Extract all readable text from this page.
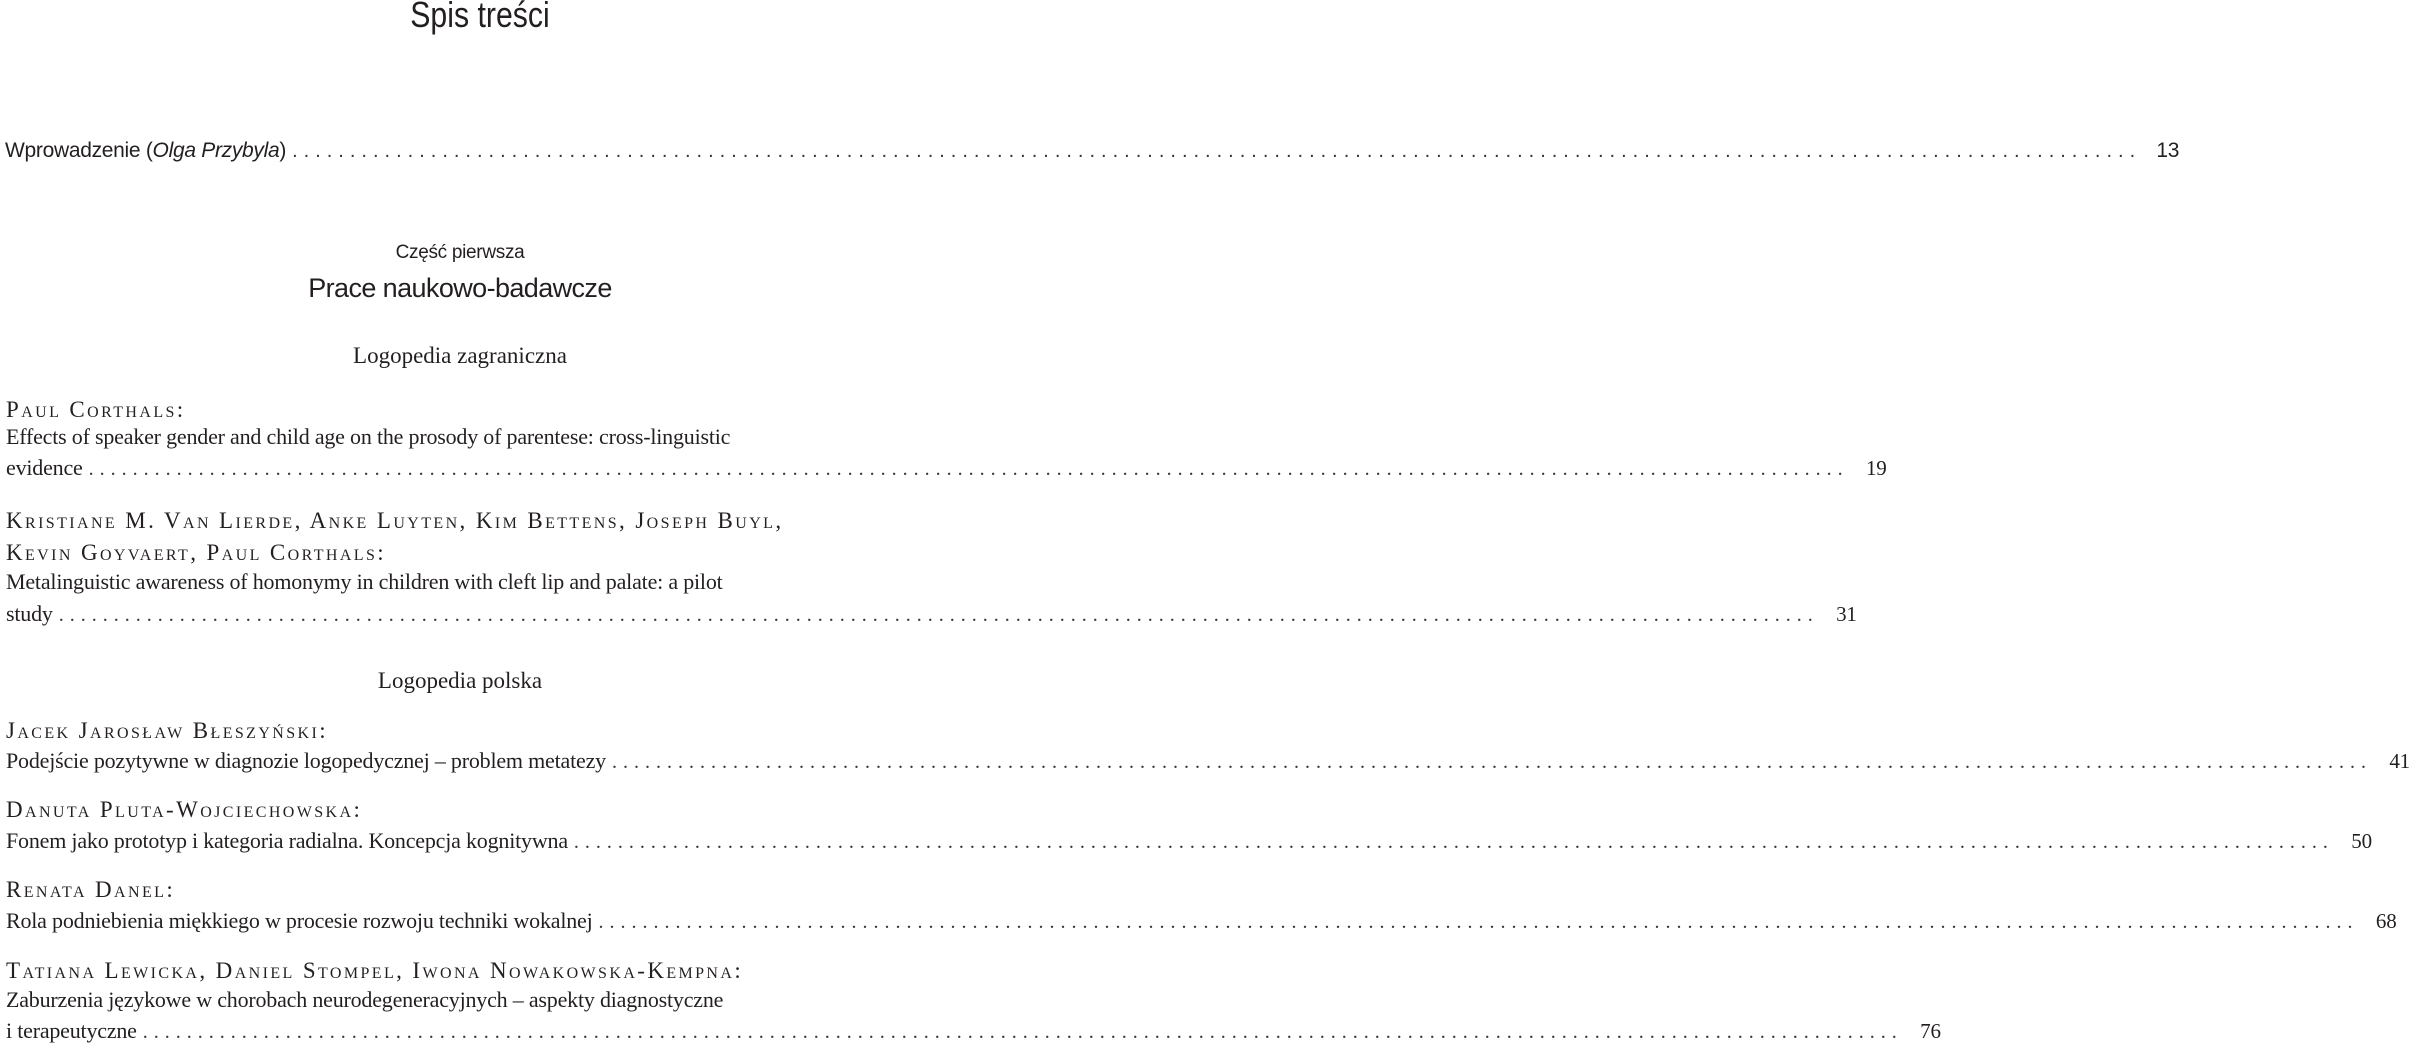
Spis treści
Wprowadzenie (Olga Przybyla) ................................................................................................................................................................ 13
Część pierwsza
Prace naukowo-badawcze
Logopedia zagraniczna
Paul Corthals:
Effects of speaker gender and child age on the prosody of parentese: cross-linguistic
evidence ................................................................................................................................................................ 19
Kristiane M. Van Lierde, Anke Luyten, Kim Bettens, Joseph Buyl,
Kevin Goyvaert, Paul Corthals:
Metalinguistic awareness of homonymy in children with cleft lip and palate: a pilot
study ................................................................................................................................................................ 31
Logopedia polska
Jacek Jarosław Błeszyński:
Podejście pozytywne w diagnozie logopedycznej – problem metatezy ................................................................................................................................................................ 41
Danuta Pluta-Wojciechowska:
Fonem jako prototyp i kategoria radialna. Koncepcja kognitywna ................................................................................................................................................................ 50
Renata Danel:
Rola podniebienia miękkiego w procesie rozwoju techniki wokalnej ................................................................................................................................................................ 68
Tatiana Lewicka, Daniel Stompel, Iwona Nowakowska-Kempna:
Zaburzenia językowe w chorobach neurodegeneracyjnych – aspekty diagnostyczne
i terapeutyczne ................................................................................................................................................................ 76
